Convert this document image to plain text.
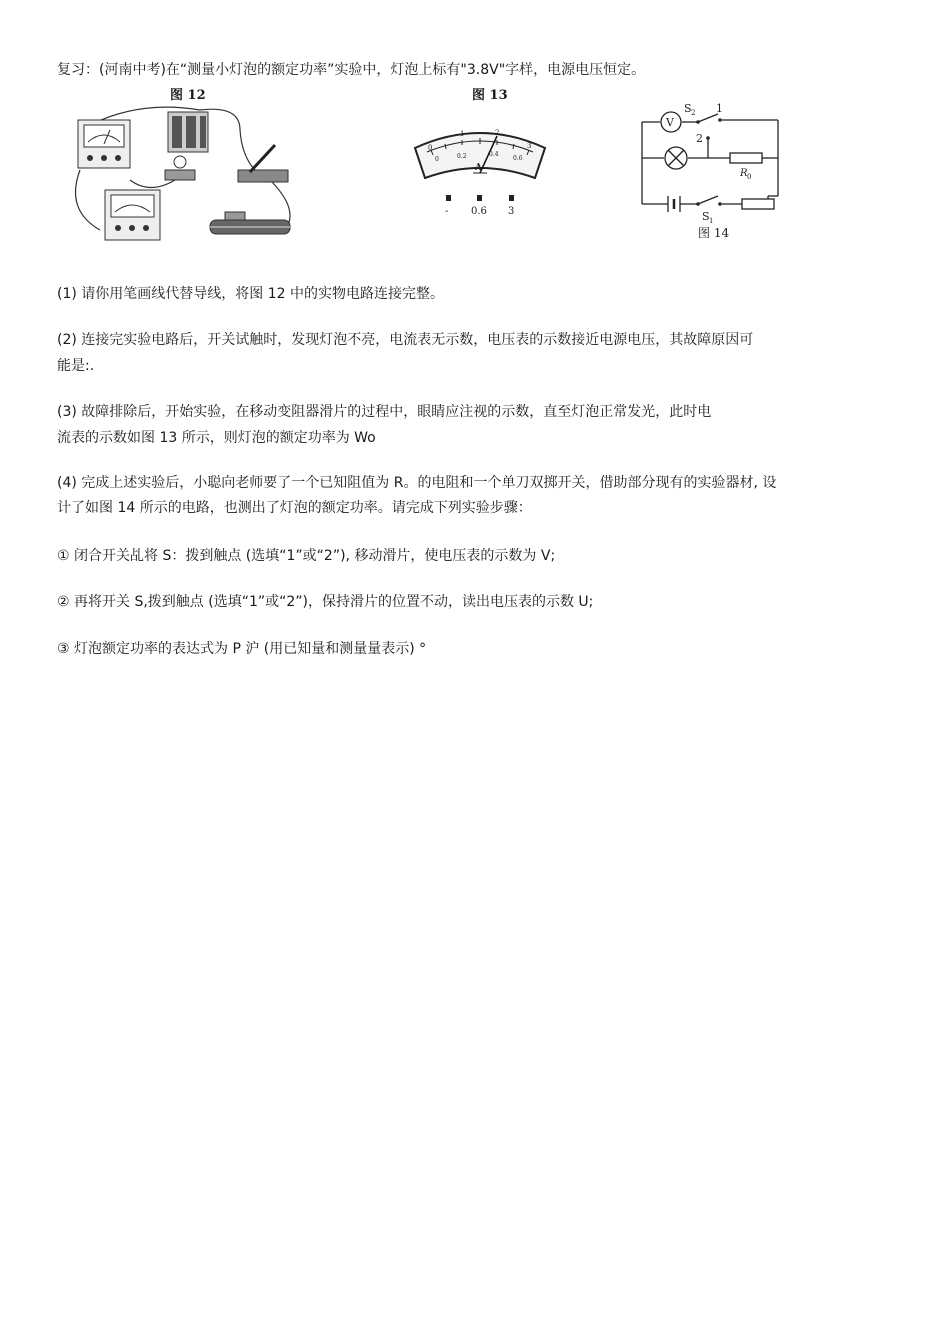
复习：(河南中考)在“测量小灯泡的额定功率”实验中，灯泡上标有"3.8V"字样，电源电压恒定。
图 12	图 13
0
1	2
3
0	0.2	0.4
0.6
A
- 0.6 3
V
S 2 1
2
R 0
S 1
图 14
(1) 请你用笔画线代替导线，将图 12 中的实物电路连接完整。
(2) 连接完实验电路后，开关试触时，发现灯泡不亮，电流表无示数，电压表的示数接近电源电压，其故障原因可
能是:.
(3) 故障排除后，开始实验，在移动变阻器滑片的过程中，眼睛应注视的示数，直至灯泡正常发光，此时电
流表的示数如图 13 所示，则灯泡的额定功率为 Wo
(4) 完成上述实验后，小聪向老师要了一个已知阻值为 R。的电阻和一个单刀双掷开关，借助部分现有的实验器材, 设
计了如图 14 所示的电路，也测出了灯泡的额定功率。请完成下列实验步骤：
① 闭合开关乩将 S：拨到触点 (选填“1”或“2”), 移动滑片，使电压表的示数为 V;
② 再将开关 S,拨到触点 (选填“1”或“2”)，保持滑片的位置不动，读出电压表的示数 U;
③ 灯泡额定功率的表达式为 P 沪 (用已知量和测量量表示) °
